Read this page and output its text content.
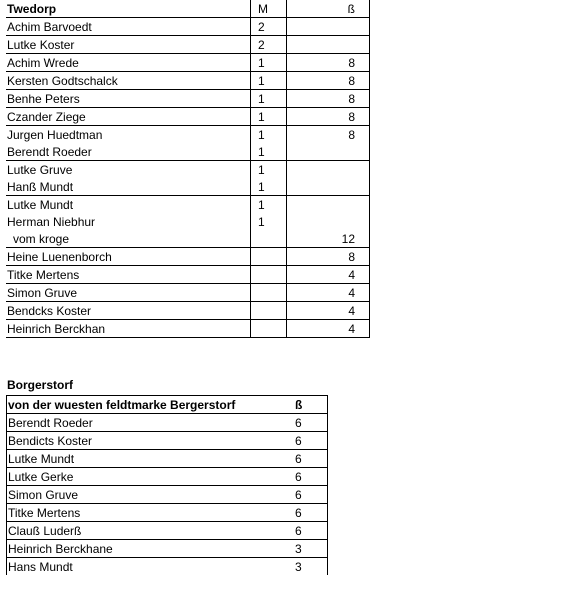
Twedorp	M	ß
Achim Barvoedt	2	
Lutke Koster	2	
Achim Wrede	1	8
Kersten Godtschalck	1	8
Benhe Peters	1	8
Czander Ziege	1	8
Jurgen Huedtman	1	8
Berendt Roeder	1	
Lutke Gruve	1	
Hanß Mundt	1	
Lutke Mundt	1	
Herman Niebhur	1	
vom kroge		12
Heine Luenenborch		8
Titke Mertens		4
Simon Gruve		4
Bendcks Koster		4
Heinrich Berckhan		4
Borgerstorf
von der wuesten feldtmarke Bergerstorf	ß
Berendt Roeder	6
Bendicts Koster	6
Lutke Mundt	6
Lutke Gerke	6
Simon Gruve	6
Titke Mertens	6
Clauß Luderß	6
Heinrich Berckhane	3
Hans Mundt	3
